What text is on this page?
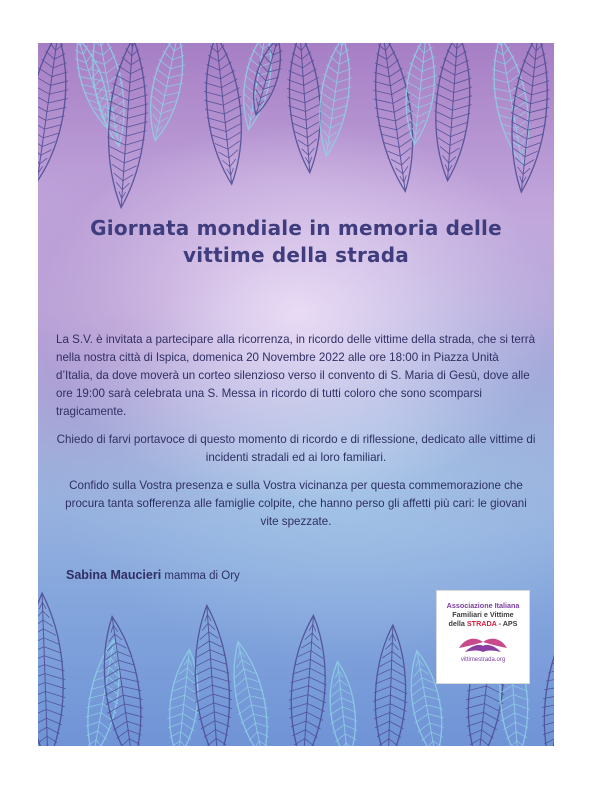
Giornata mondiale in memoria delle
vittime della strada

La S.V. è invitata a partecipare alla ricorrenza, in ricordo delle vittime della strada, che si terrà nella nostra città di Ispica, domenica 20 Novembre 2022 alle ore 18:00 in Piazza Unità d’Italia, da dove moverà un corteo silenzioso verso il convento di S. Maria di Gesù, dove alle ore 19:00 sarà celebrata una S. Messa in ricordo di tutti coloro che sono scomparsi tragicamente.

Chiedo di farvi portavoce di questo momento di ricordo e di riflessione, dedicato alle vittime di incidenti stradali ed ai loro familiari.

Confido sulla Vostra presenza e sulla Vostra vicinanza per questa commemorazione che procura tanta sofferenza alle famiglie colpite, che hanno perso gli affetti più cari: le giovani vite spezzate.

Sabina Maucieri mamma di Ory
Associazione Italiana
Familiari e Vittime
della STRADA - APS
vittimestrada.org
